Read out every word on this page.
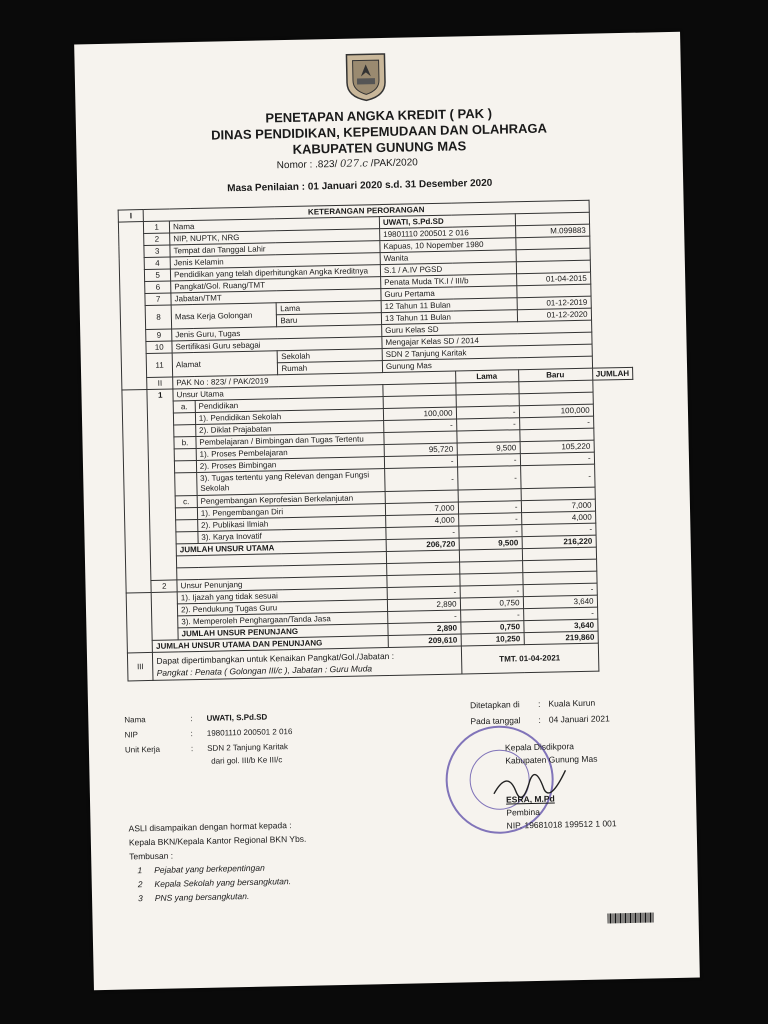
PENETAPAN ANGKA KREDIT ( PAK )
DINAS PENDIDIKAN, KEPEMUDAAN DAN OLAHRAGA
KABUPATEN GUNUNG MAS
Nomor : .823/ 027.c /PAK/2020
Masa Penilaian : 01 Januari 2020 s.d. 31 Desember 2020
I	KETERANGAN PERORANGAN							
	1	Nama			UWATI, S.Pd.SD			
	2	NIP, NUPTK, NRG			19801110 200501 2 016		M.099883	
	3	Tempat dan Tanggal Lahir			Kapuas, 10 Nopember 1980			
	4	Jenis Kelamin			Wanita			
	5	Pendidikan yang telah diperhitungkan Angka Kreditnya			S.1 / A.IV PGSD			
	6	Pangkat/Gol. Ruang/TMT			Penata Muda TK.I / III/b		01-04-2015	
	7	Jabatan/TMT			Guru Pertama			
	8	Masa Kerja Golongan		Lama	12 Tahun 11 Bulan		01-12-2019	
				Baru	13 Tahun 11 Bulan		01-12-2020	
	9	Jenis Guru, Tugas			Guru Kelas SD			
	10	Sertifikasi Guru sebagai			Mengajar Kelas SD / 2014			
	11	Alamat		Sekolah	SDN 2 Tanjung Karitak			
				Rumah	Gunung Mas			
	II	PAK No : 823/ / PAK/2019				Lama	Baru	JUMLAH
	1	Unsur Utama						
		a.	Pendidikan					
			1). Pendidikan Sekolah		100,000	-	100,000	
			2). Diklat Prajabatan		-	-	-	
		b.	Pembelajaran / Bimbingan dan Tugas Tertentu					
			1). Proses Pembelajaran		95,720	9,500	105,220	
			2). Proses Bimbingan		-	-	-	
			3). Tugas tertentu yang Relevan dengan Fungsi
Sekolah		-	-	-	
		c.	Pengembangan Keprofesian Berkelanjutan					
			1). Pengembangan Diri		7,000	-	7,000	
			2). Publikasi Ilmiah		4,000	-	4,000	
			3). Karya Inovatif		-	-	-	
		JUMLAH UNSUR UTAMA			206,720	9,500	216,220	

	2	Unsur Penunjang						
		1). Ijazah yang tidak sesuai			-	-	-	
		2). Pendukung Tugas Guru			2,890	0,750	3,640	
		3). Memperoleh Penghargaan/Tanda Jasa			-	-	-	
		JUMLAH UNSUR PENUNJANG			2,890	0,750	3,640	
	JUMLAH UNSUR UTAMA DAN PENUNJANG				209,610	10,250	219,860	
III	Dapat dipertimbangkan untuk Kenaikan Pangkat/Gol./Jabatan :
Pangkat : Penata ( Golongan III/c ), Jabatan : Guru Muda					TMT. 01-04-2021		
Nama	: UWATI, S.Pd.SD
NIP	: 19801110 200501 2 016
Unit Kerja	: SDN 2 Tanjung Karitak
dari gol. III/b Ke III/c
Ditetapkan di	: Kuala Kurun
Pada tanggal	: 04 Januari 2021
Kepala Disdikpora
Kabupaten Gunung Mas
ESRA, M.Pd
Pembina
NIP. 19681018 199512 1 001
ASLI disampaikan dengan hormat kepada :
Kepala BKN/Kepala Kantor Regional BKN Ybs.
Tembusan :
1 Pejabat yang berkepentingan
2 Kepala Sekolah yang bersangkutan.
3 PNS yang bersangkutan.
